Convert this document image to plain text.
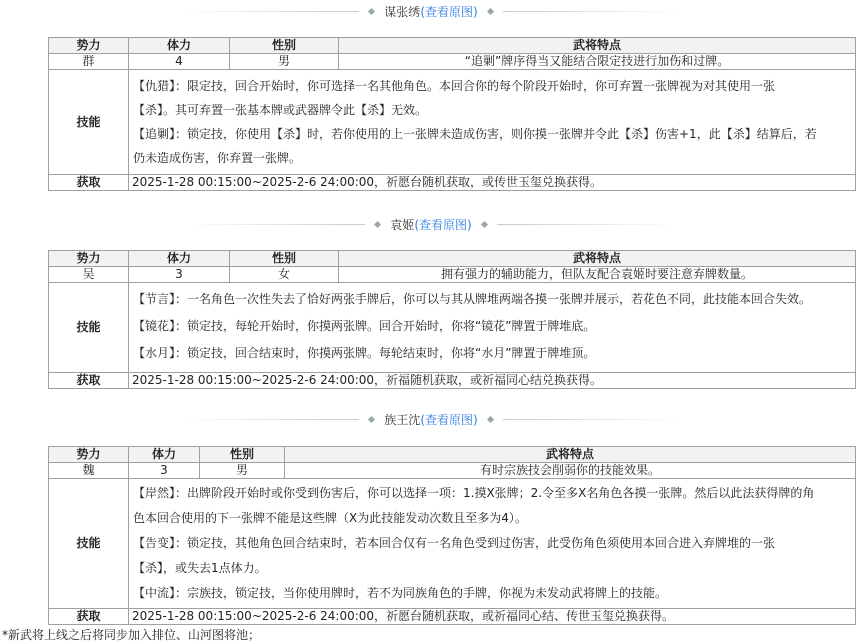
谋张绣(查看原图)
势力	体力	性别	武将特点
群	4	男	“追剿”牌序得当又能结合限定技进行加伤和过牌。
技能	【仇猎】：限定技，回合开始时，你可选择一名其他角色。本回合你的每个阶段开始时，你可弃置一张牌视为对其使用一张
【杀】。其可弃置一张基本牌或武器牌令此【杀】无效。
【追剿】：锁定技，你使用【杀】时，若你使用的上一张牌未造成伤害，则你摸一张牌并令此【杀】伤害+1，此【杀】结算后，若
仍未造成伤害，你弃置一张牌。		

获取	2025-1-28 00:15:00~2025-2-6 24:00:00，祈愿台随机获取，或传世玉玺兑换获得。		
袁姬(查看原图)
势力	体力	性别	武将特点
吴	3	女	拥有强力的辅助能力，但队友配合袁姬时要注意弃牌数量。
技能	【节言】：一名角色一次性失去了恰好两张手牌后，你可以与其从牌堆两端各摸一张牌并展示，若花色不同，此技能本回合失效。
【镜花】：锁定技，每轮开始时，你摸两张牌。回合开始时，你将“镜花”牌置于牌堆底。
【水月】：锁定技，回合结束时，你摸两张牌。每轮结束时，你将“水月”牌置于牌堆顶。		

获取	2025-1-28 00:15:00~2025-2-6 24:00:00，祈福随机获取，或祈福同心结兑换获得。		
族王沈(查看原图)
势力	体力	性别	武将特点
魏	3	男	有时宗族技会削弱你的技能效果。
技能	【岸然】：出牌阶段开始时或你受到伤害后，你可以选择一项：1.摸X张牌；2.令至多X名角色各摸一张牌。然后以此法获得牌的角
色本回合使用的下一张牌不能是这些牌（X为此技能发动次数且至多为4）。
【告变】：锁定技，其他角色回合结束时，若本回合仅有一名角色受到过伤害，此受伤角色须使用本回合进入弃牌堆的一张
【杀】，或失去1点体力。
【中流】：宗族技，锁定技，当你使用牌时，若不为同族角色的手牌，你视为未发动武将牌上的技能。		

获取	2025-1-28 00:15:00~2025-2-6 24:00:00，祈愿台随机获取，或祈福同心结、传世玉玺兑换获得。		
*新武将上线之后将同步加入排位、山河图将池；
